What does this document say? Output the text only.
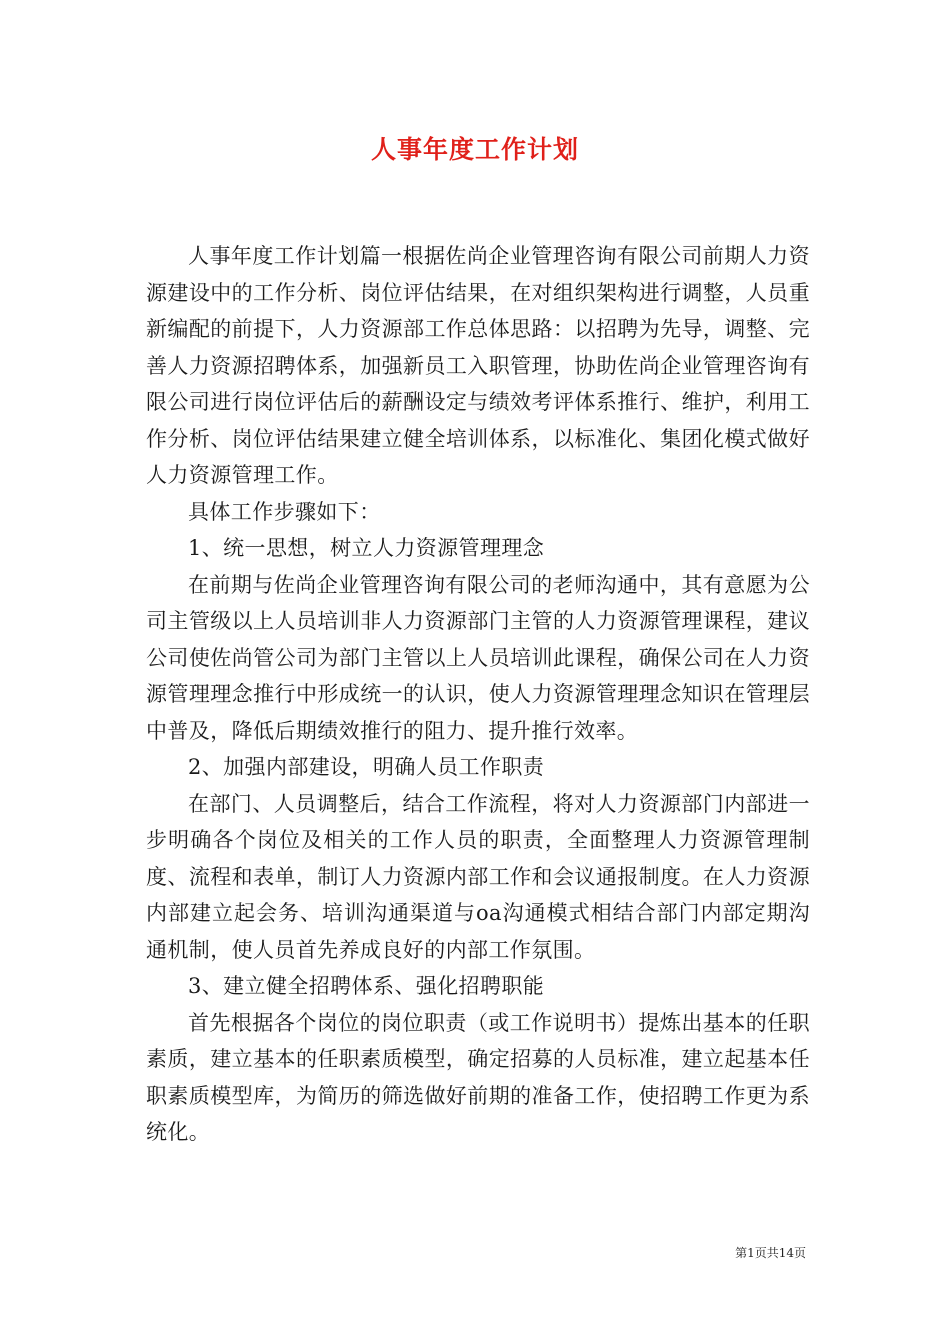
人事年度工作计划

人事年度工作计划篇一根据佐尚企业管理咨询有限公司前期人力资源建设中的工作分析、岗位评估结果，在对组织架构进行调整，人员重新编配的前提下，人力资源部工作总体思路：以招聘为先导，调整、完善人力资源招聘体系，加强新员工入职管理，协助佐尚企业管理咨询有限公司进行岗位评估后的薪酬设定与绩效考评体系推行、维护，利用工作分析、岗位评估结果建立健全培训体系，以标准化、集团化模式做好人力资源管理工作。

具体工作步骤如下：

1、统一思想，树立人力资源管理理念

在前期与佐尚企业管理咨询有限公司的老师沟通中，其有意愿为公司主管级以上人员培训非人力资源部门主管的人力资源管理课程，建议公司使佐尚管公司为部门主管以上人员培训此课程，确保公司在人力资源管理理念推行中形成统一的认识，使人力资源管理理念知识在管理层中普及，降低后期绩效推行的阻力、提升推行效率。

2、加强内部建设，明确人员工作职责

在部门、人员调整后，结合工作流程，将对人力资源部门内部进一步明确各个岗位及相关的工作人员的职责，全面整理人力资源管理制度、流程和表单，制订人力资源内部工作和会议通报制度。在人力资源内部建立起会务、培训沟通渠道与oa沟通模式相结合部门内部定期沟通机制，使人员首先养成良好的内部工作氛围。

3、建立健全招聘体系、强化招聘职能

首先根据各个岗位的岗位职责（或工作说明书）提炼出基本的任职素质，建立基本的任职素质模型，确定招募的人员标准，建立起基本任职素质模型库，为简历的筛选做好前期的准备工作，使招聘工作更为系统化。

第1页共14页
